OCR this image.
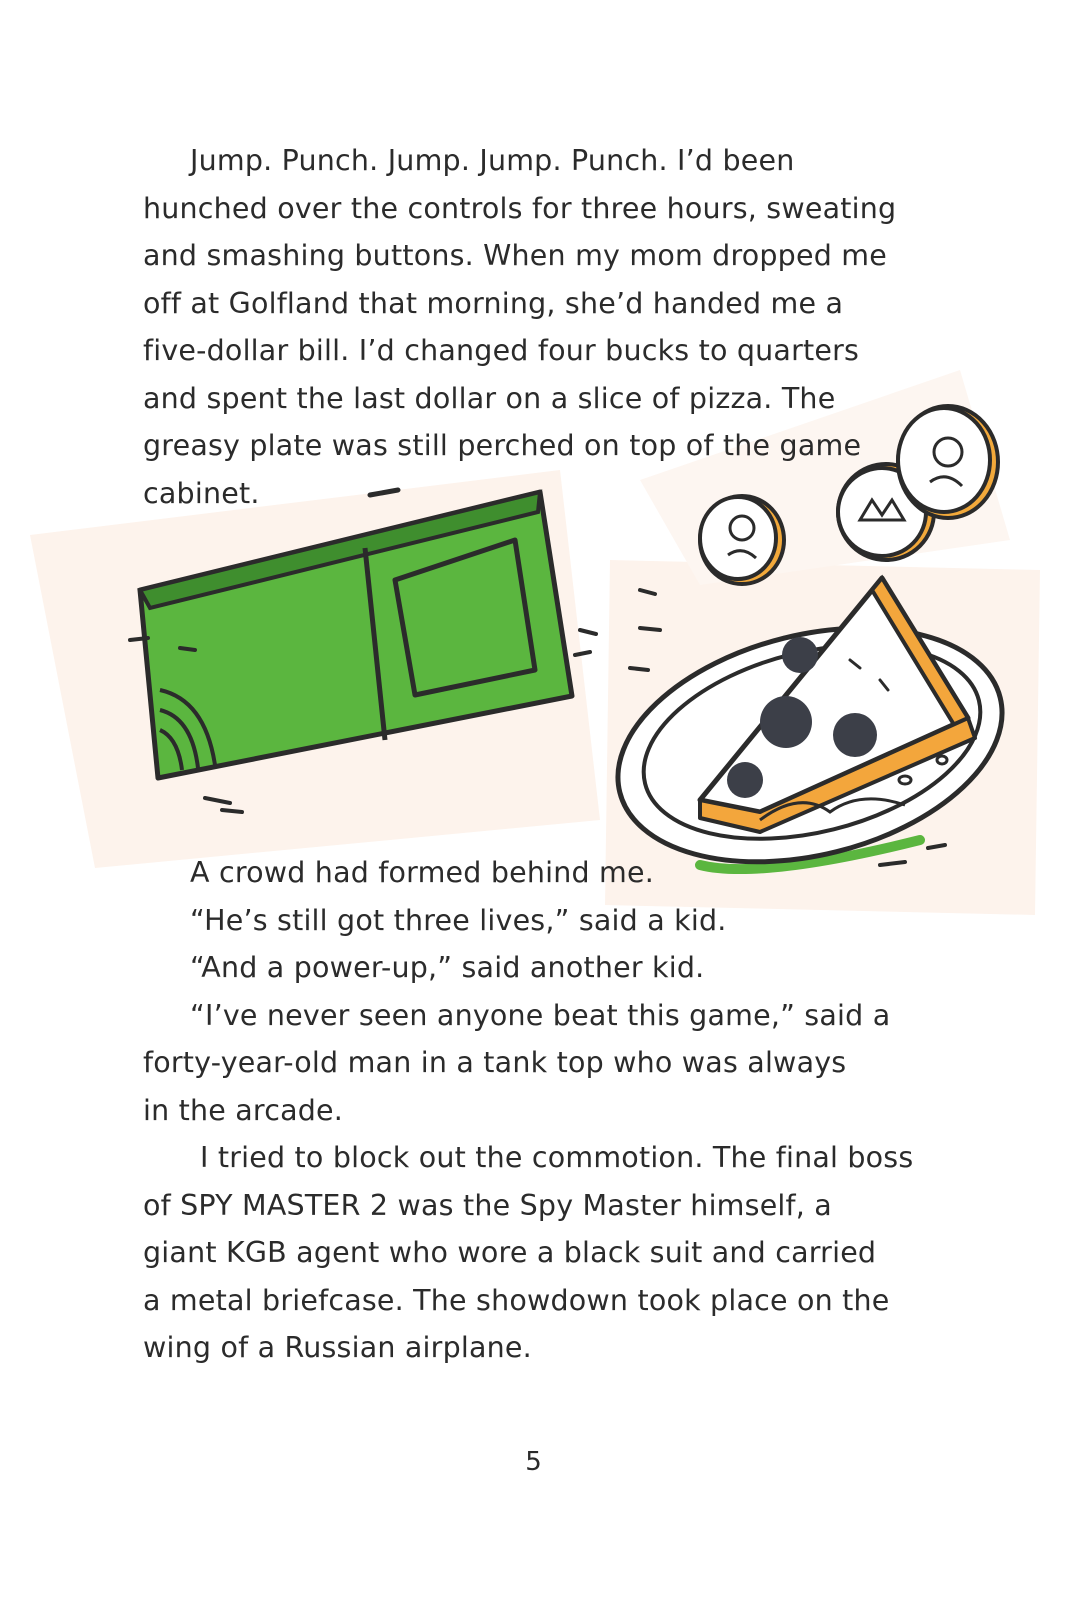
Jump. Punch. Jump. Jump. Punch. I’d been
hunched over the controls for three hours, sweating
and smashing buttons. When my mom dropped me
off at Golfland that morning, she’d handed me a
five-dollar bill. I’d changed four bucks to quarters
and spent the last dollar on a slice of pizza. The
greasy plate was still perched on top of the game
cabinet.
A crowd had formed behind me.
“He’s still got three lives,” said a kid.
“And a power-up,” said another kid.
“I’ve never seen anyone beat this game,” said a
forty-year-old man in a tank top who was always
in the arcade.
I tried to block out the commotion. The final boss
of SPY MASTER 2 was the Spy Master himself, a
giant KGB agent who wore a black suit and carried
a metal briefcase. The showdown took place on the
wing of a Russian airplane.
5
